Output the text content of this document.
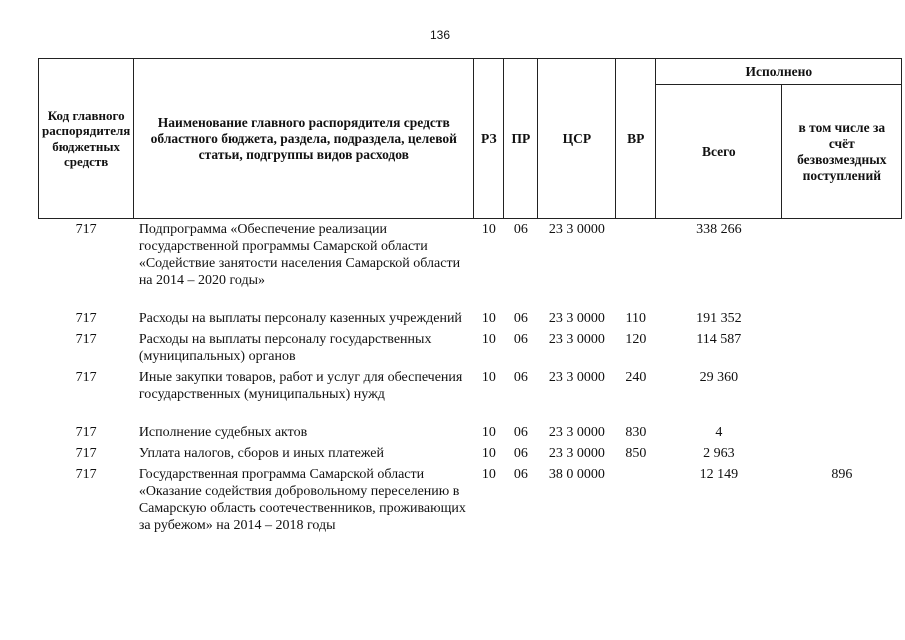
136
Код главного распорядителя бюджетных средств	Наименование главного распорядителя средств областного бюджета, раздела, подраздела, целевой статьи, подгруппы видов расходов	РЗ	ПР	ЦСР	ВР	Исполнено	
						Всего	в том числе за счёт безвозмездных поступлений
717	Подпрограмма «Обеспечение реализации государственной программы Самарской области «Содействие занятости населения Самарской области на 2014 – 2020 годы»	10	06	23 3 0000		338 266	
717	Расходы на выплаты персоналу казенных учреждений	10	06	23 3 0000	110	191 352	
717	Расходы на выплаты персоналу государственных (муниципальных) органов	10	06	23 3 0000	120	114 587	
717	Иные закупки товаров, работ и услуг для обеспечения государственных (муниципальных) нужд	10	06	23 3 0000	240	29 360	
717	Исполнение судебных актов	10	06	23 3 0000	830	4	
717	Уплата налогов, сборов и иных платежей	10	06	23 3 0000	850	2 963	
717	Государственная программа Самарской области «Оказание содействия добровольному переселению в Самарскую область соотечественников, проживающих за рубежом» на 2014 – 2018 годы	10	06	38 0 0000		12 149	896
